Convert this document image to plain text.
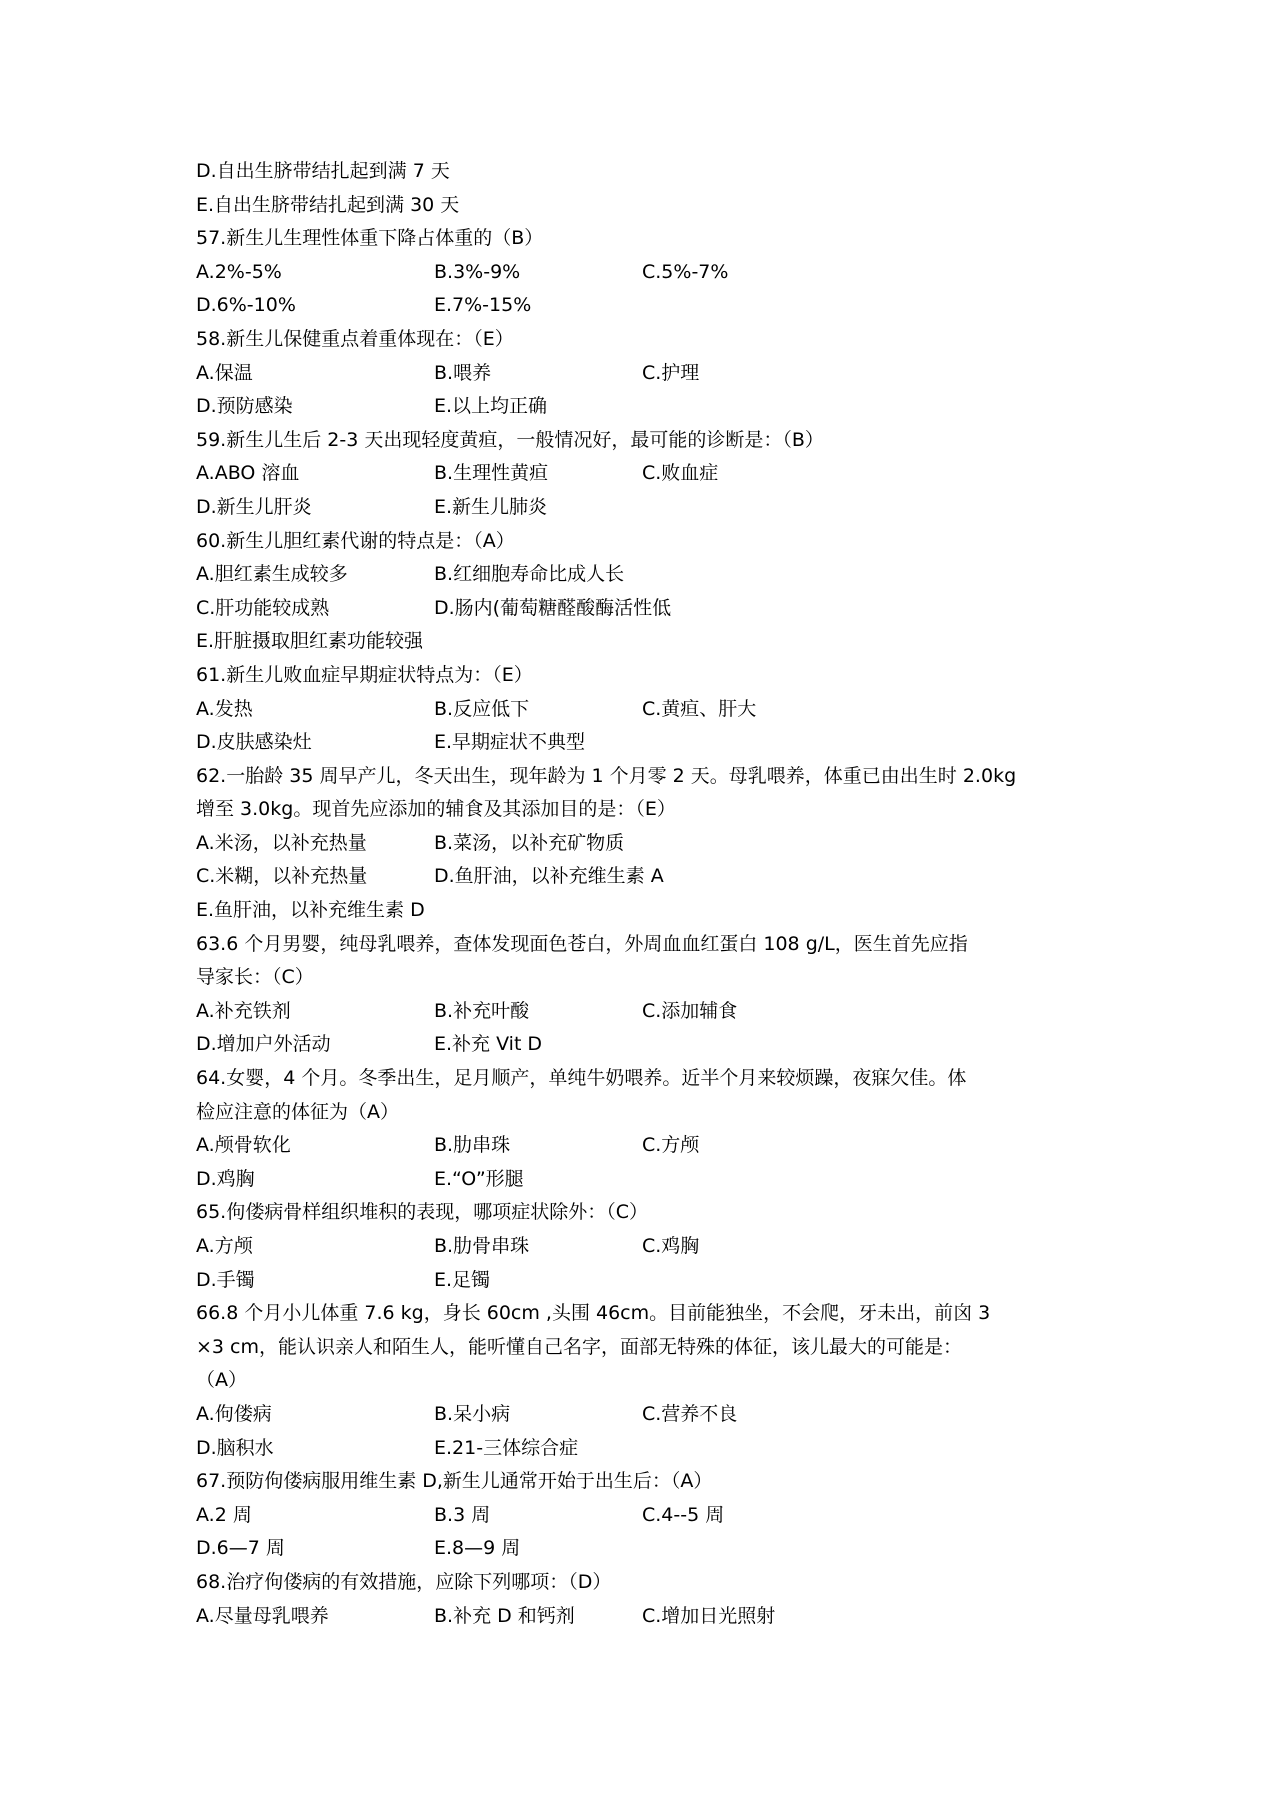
D.自出生脐带结扎起到满 7 天
E.自出生脐带结扎起到满 30 天
57.新生儿生理性体重下降占体重的（B）
A.2%-5%	B.3%-9%	C.5%-7%
D.6%-10%	E.7%-15%
58.新生儿保健重点着重体现在：（E）
A.保温	B.喂养	C.护理
D.预防感染	E.以上均正确
59.新生儿生后 2-3 天出现轻度黄疸，一般情况好，最可能的诊断是：（B）
A.ABO 溶血	B.生理性黄疸	C.败血症
D.新生儿肝炎	E.新生儿肺炎
60.新生儿胆红素代谢的特点是：（A）
A.胆红素生成较多	B.红细胞寿命比成人长
C.肝功能较成熟	D.肠内(葡萄糖醛酸酶活性低
E.肝脏摄取胆红素功能较强
61.新生儿败血症早期症状特点为：（E）
A.发热	B.反应低下	C.黄疸、肝大
D.皮肤感染灶	E.早期症状不典型
62.一胎龄 35 周早产儿，冬天出生，现年龄为 1 个月零 2 天。母乳喂养，体重已由出生时 2.0kg
增至 3.0kg。现首先应添加的辅食及其添加目的是：（E）
A.米汤，以补充热量	B.菜汤，以补充矿物质
C.米糊，以补充热量	D.鱼肝油，以补充维生素 A
E.鱼肝油，以补充维生素 D
63.6 个月男婴，纯母乳喂养，查体发现面色苍白，外周血血红蛋白 108 g/L，医生首先应指
导家长：（C）
A.补充铁剂	B.补充叶酸	C.添加辅食
D.增加户外活动	E.补充 Vit D
64.女婴，4 个月。冬季出生，足月顺产，单纯牛奶喂养。近半个月来较烦躁，夜寐欠佳。体
检应注意的体征为（A）
A.颅骨软化	B.肋串珠	C.方颅
D.鸡胸	E.“O”形腿
65.佝偻病骨样组织堆积的表现，哪项症状除外：（C）
A.方颅	B.肋骨串珠	C.鸡胸
D.手镯	E.足镯
66.8 个月小儿体重 7.6 kg，身长 60cm ,头围 46cm。目前能独坐，不会爬，牙未出，前囟 3
×3 cm，能认识亲人和陌生人，能听懂自己名字，面部无特殊的体征，该儿最大的可能是：
（A）
A.佝偻病	B.呆小病	C.营养不良
D.脑积水	E.21-三体综合症
67.预防佝偻病服用维生素 D,新生儿通常开始于出生后：（A）
A.2 周	B.3 周	C.4--5 周
D.6—7 周	E.8—9 周
68.治疗佝偻病的有效措施，应除下列哪项：（D）
A.尽量母乳喂养	B.补充 D 和钙剂	C.增加日光照射
